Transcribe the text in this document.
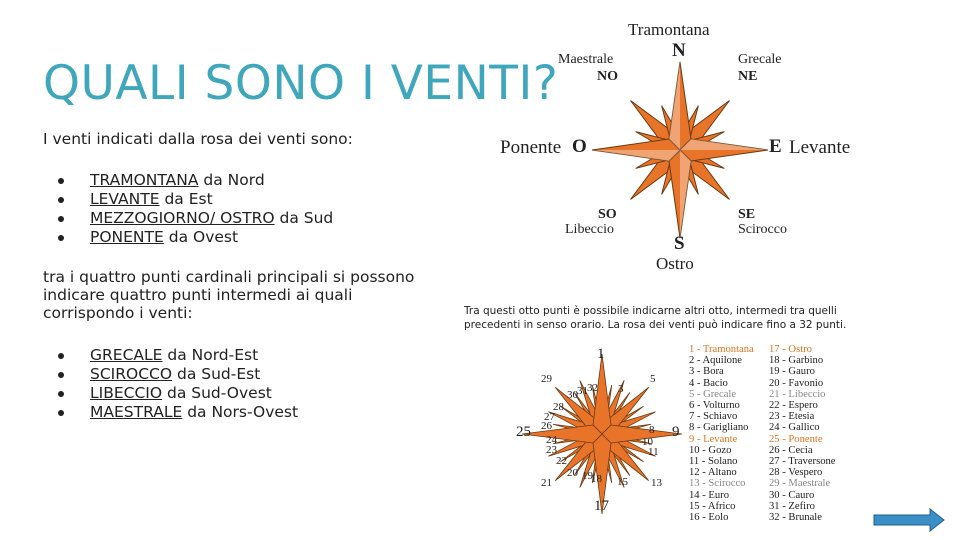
QUALI SONO I VENTI?
I venti indicati dalla rosa dei venti sono:
TRAMONTANA da Nord
LEVANTE da Est
MEZZOGIORNO/ OSTRO da Sud
PONENTE da Ovest
tra i quattro punti cardinali principali si possono indicare quattro punti intermedi ai quali corrispondo i venti:
GRECALE da Nord-Est
SCIROCCO da Sud-Est
LIBECCIO da Sud-Ovest
MAESTRALE da Nors-Ovest
Tramontana
N
Maestrale
NO
Grecale
NE
Ponente O	E Levante
SO
Libeccio
SE
Scirocco
S
Ostro
Tra questi otto punti è possibile indicarne altri otto, intermedi tra quelli precedenti in senso orario. La rosa dei venti può indicare fino a 32 punti.
1
9
17
25
29
32
31
30	3
5
28
27
26	8
10
11
24
23
22
20
13
21
19
18 15
1 - Tramontana
2 - Aquilone
3 - Bora
4 - Bacio
5 - Grecale
6 - Volturno
7 - Schiavo
8 - Garigliano
9 - Levante
10 - Gozo
11 - Solano
12 - Altano
13 - Scirocco
14 - Euro
15 - Africo
16 - Eolo
17 - Ostro
18 - Garbino
19 - Gauro
20 - Favonio
21 - Libeccio
22 - Espero
23 - Etesia
24 - Gallico
25 - Ponente
26 - Cecia
27 - Traversone
28 - Vespero
29 - Maestrale
30 - Cauro
31 - Zefiro
32 - Brunale
